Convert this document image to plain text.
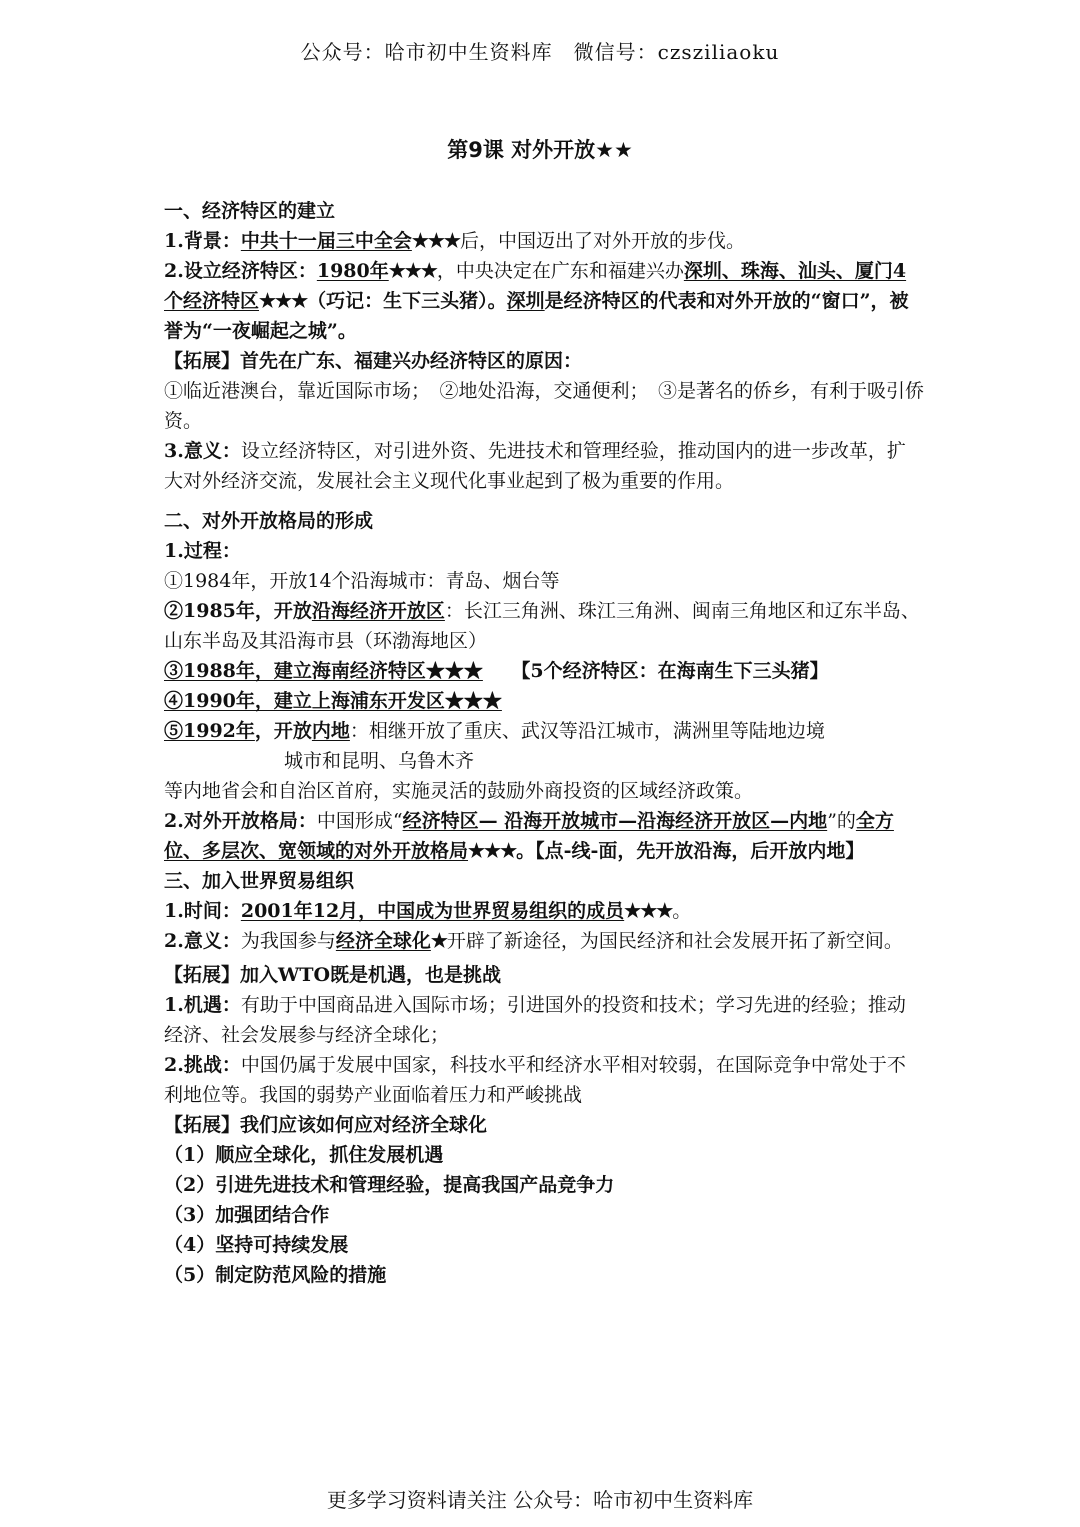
公众号：哈市初中生资料库　微信号：czsziliaoku
第9课 对外开放★★

一、经济特区的建立

1.背景：中共十一届三中全会★★★后，中国迈出了对外开放的步伐。

2.设立经济特区：1980年★★★，中央决定在广东和福建兴办深圳、珠海、汕头、厦门4个经济特区★★★（巧记：生下三头猪）。深圳是经济特区的代表和对外开放的“窗口”，被誉为“一夜崛起之城”。

【拓展】首先在广东、福建兴办经济特区的原因：

①临近港澳台，靠近国际市场；　②地处沿海，交通便利；　③是著名的侨乡，有利于吸引侨资。

3.意义：设立经济特区，对引进外资、先进技术和管理经验，推动国内的进一步改革，扩大对外经济交流，发展社会主义现代化事业起到了极为重要的作用。

二、对外开放格局的形成

1.过程：

①1984年，开放14个沿海城市：青岛、烟台等

②1985年，开放沿海经济开放区：长江三角洲、珠江三角洲、闽南三角地区和辽东半岛、山东半岛及其沿海市县（环渤海地区）

③1988年，建立海南经济特区★★★　　 【5个经济特区：在海南生下三头猪】

④1990年，建立上海浦东开发区★★★

⑤1992年，开放内地：相继开放了重庆、武汉等沿江城市，满洲里等陆地边境

城市和昆明、乌鲁木齐

等内地省会和自治区首府，实施灵活的鼓励外商投资的区域经济政策。

2.对外开放格局：中国形成“经济特区— 沿海开放城市—沿海经济开放区—内地”的全方位、多层次、宽领域的对外开放格局★★★。【点-线-面，先开放沿海，后开放内地】

三、加入世界贸易组织

1.时间：2001年12月，中国成为世界贸易组织的成员★★★。

2.意义：为我国参与经济全球化★开辟了新途径，为国民经济和社会发展开拓了新空间。

【拓展】加入WTO既是机遇，也是挑战

1.机遇：有助于中国商品进入国际市场；引进国外的投资和技术；学习先进的经验；推动经济、社会发展参与经济全球化；

2.挑战：中国仍属于发展中国家，科技水平和经济水平相对较弱，在国际竞争中常处于不利地位等。我国的弱势产业面临着压力和严峻挑战

【拓展】我们应该如何应对经济全球化

（1）顺应全球化，抓住发展机遇

（2）引进先进技术和管理经验，提高我国产品竞争力

（3）加强团结合作

（4）坚持可持续发展

（5）制定防范风险的措施

更多学习资料请关注 公众号：哈市初中生资料库
